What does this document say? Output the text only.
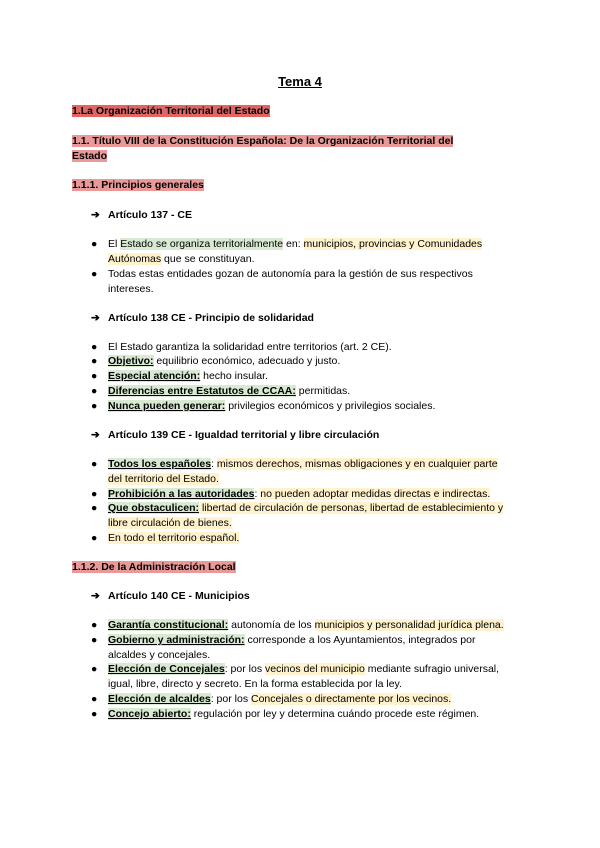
Tema 4
1.La Organización Territorial del Estado
1.1. Título VIII de la Constitución Española: De la Organización Territorial del
Estado
1.1.1. Principios generales
➔ Artículo 137 - CE
●	El Estado se organiza territorialmente en: municipios, provincias y Comunidades
Autónomas que se constituyan.
●	Todas estas entidades gozan de autonomía para la gestión de sus respectivos
intereses.
➔ Artículo 138 CE - Principio de solidaridad
●	El Estado garantiza la solidaridad entre territorios (art. 2 CE).
●	Objetivo: equilibrio económico, adecuado y justo.
●	Especial atención: hecho insular.
●	Diferencias entre Estatutos de CCAA: permitidas.
●	Nunca pueden generar: privilegios económicos y privilegios sociales.
➔ Artículo 139 CE - Igualdad territorial y libre circulación
●	Todos los españoles: mismos derechos, mismas obligaciones y en cualquier parte
del territorio del Estado.
●	Prohibición a las autoridades: no pueden adoptar medidas directas e indirectas.
●	Que obstaculicen: libertad de circulación de personas, libertad de establecimiento y
libre circulación de bienes.
●	En todo el territorio español.
1.1.2. De la Administración Local
➔ Artículo 140 CE - Municipios
●	Garantía constitucional: autonomía de los municipios y personalidad jurídica plena.
●	Gobierno y administración: corresponde a los Ayuntamientos, integrados por
alcaldes y concejales.
●	Elección de Concejales: por los vecinos del municipio mediante sufragio universal,
igual, libre, directo y secreto. En la forma establecida por la ley.
●	Elección de alcaldes: por los Concejales o directamente por los vecinos.
●	Concejo abierto: regulación por ley y determina cuándo procede este régimen.
